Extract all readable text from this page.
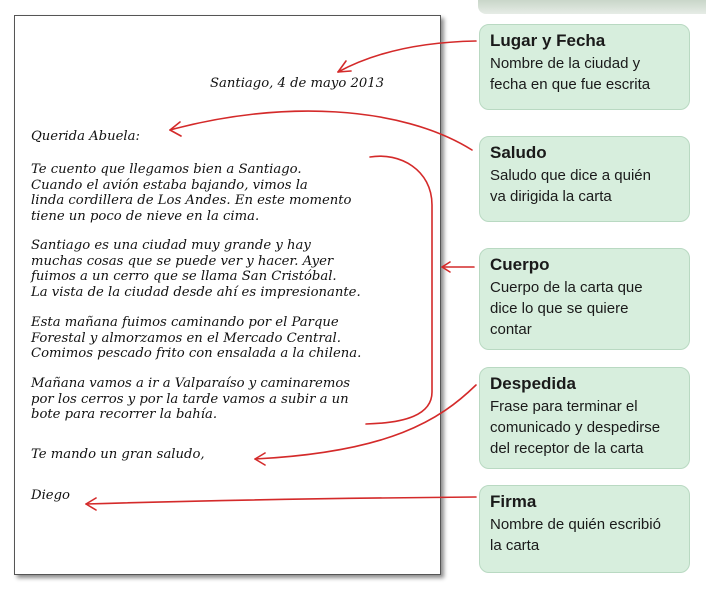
Santiago, 4 de mayo 2013

Querida Abuela:

Te cuento que llegamos bien a Santiago.
Cuando el avión estaba bajando, vimos la
linda cordillera de Los Andes. En este momento
tiene un poco de nieve en la cima.

Santiago es una ciudad muy grande y hay
muchas cosas que se puede ver y hacer. Ayer
fuimos a un cerro que se llama San Cristóbal.
La vista de la ciudad desde ahí es impresionante.

Esta mañana fuimos caminando por el Parque
Forestal y almorzamos en el Mercado Central.
Comimos pescado frito con ensalada a la chilena.

Mañana vamos a ir a Valparaíso y caminaremos
por los cerros y por la tarde vamos a subir a un
bote para recorrer la bahía.

Te mando un gran saludo,

Diego

Lugar y Fecha
Nombre de la ciudad y
fecha en que fue escrita
Saludo
Saludo que dice a quién
va dirigida la carta
Cuerpo
Cuerpo de la carta que
dice lo que se quiere
contar
Despedida
Frase para terminar el
comunicado y despedirse
del receptor de la carta
Firma
Nombre de quién escribió
la carta
